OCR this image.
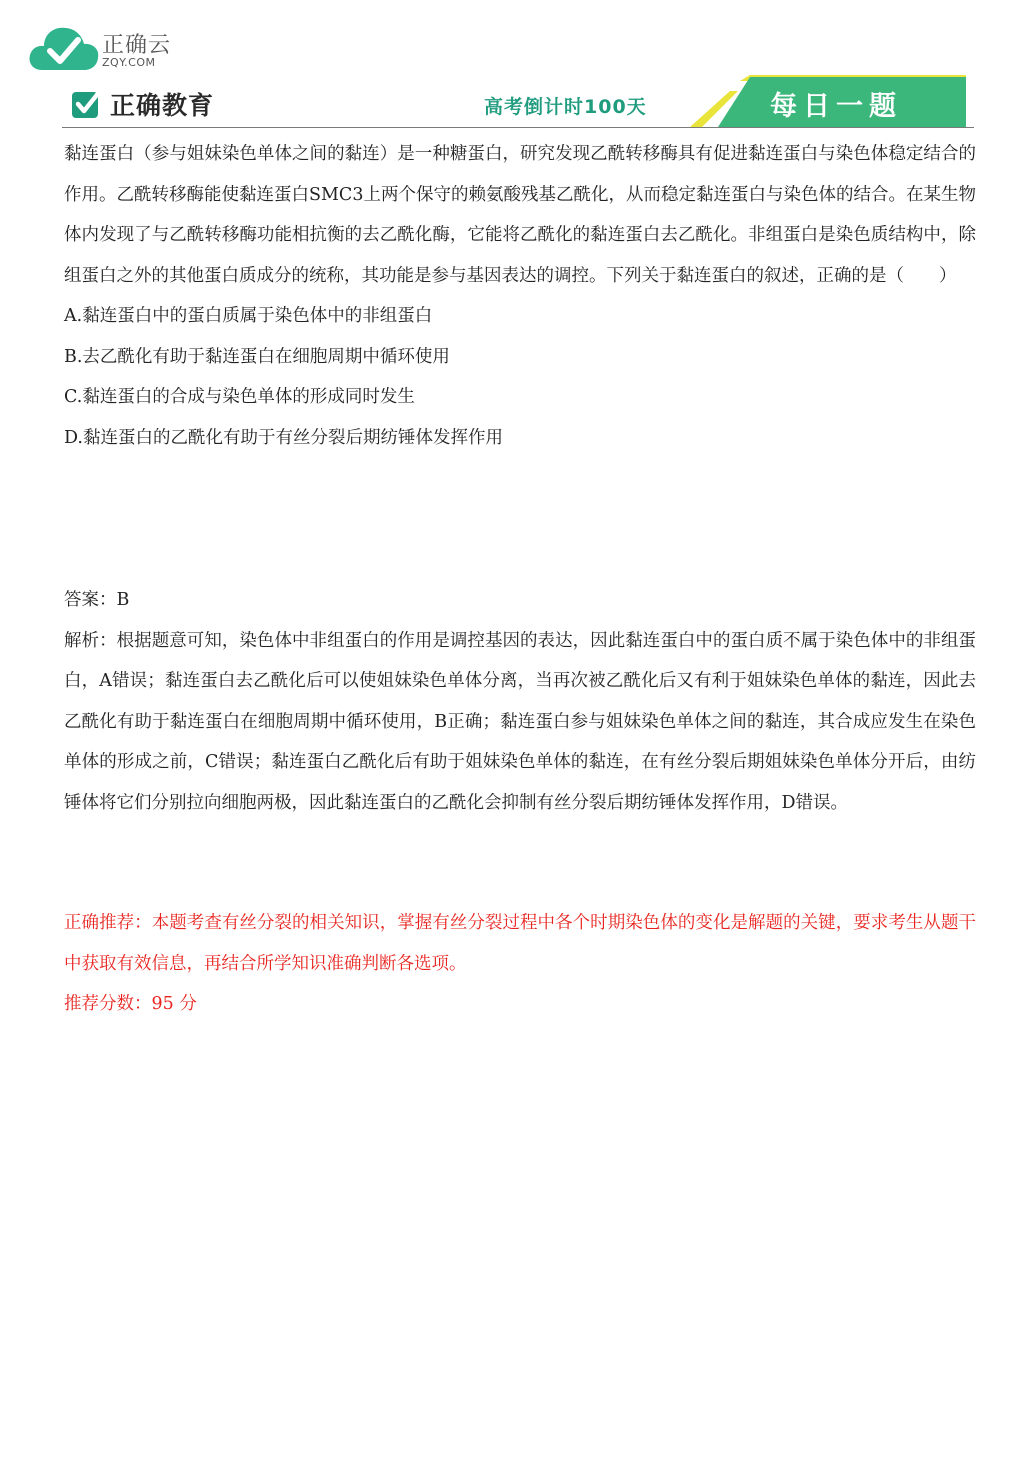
正确云
ZQY.COM
正确教育	高考倒计时100天	每日一题

黏连蛋白（参与姐妹染色单体之间的黏连）是一种糖蛋白，研究发现乙酰转移酶具有促进黏连蛋白与染色体稳定结合的作用。乙酰转移酶能使黏连蛋白SMC3上两个保守的赖氨酸残基乙酰化，从而稳定黏连蛋白与染色体的结合。在某生物体内发现了与乙酰转移酶功能相抗衡的去乙酰化酶，它能将乙酰化的黏连蛋白去乙酰化。非组蛋白是染色质结构中，除组蛋白之外的其他蛋白质成分的统称，其功能是参与基因表达的调控。下列关于黏连蛋白的叙述，正确的是（　　）

A.黏连蛋白中的蛋白质属于染色体中的非组蛋白
B.去乙酰化有助于黏连蛋白在细胞周期中循环使用
C.黏连蛋白的合成与染色单体的形成同时发生
D.黏连蛋白的乙酰化有助于有丝分裂后期纺锤体发挥作用

答案：B

解析：根据题意可知，染色体中非组蛋白的作用是调控基因的表达，因此黏连蛋白中的蛋白质不属于染色体中的非组蛋白，A错误；黏连蛋白去乙酰化后可以使姐妹染色单体分离，当再次被乙酰化后又有利于姐妹染色单体的黏连，因此去乙酰化有助于黏连蛋白在细胞周期中循环使用，B正确；黏连蛋白参与姐妹染色单体之间的黏连，其合成应发生在染色单体的形成之前，C错误；黏连蛋白乙酰化后有助于姐妹染色单体的黏连，在有丝分裂后期姐妹染色单体分开后，由纺锤体将它们分别拉向细胞两极，因此黏连蛋白的乙酰化会抑制有丝分裂后期纺锤体发挥作用，D错误。

正确推荐：本题考查有丝分裂的相关知识，掌握有丝分裂过程中各个时期染色体的变化是解题的关键，要求考生从题干中获取有效信息，再结合所学知识准确判断各选项。

推荐分数：95 分
